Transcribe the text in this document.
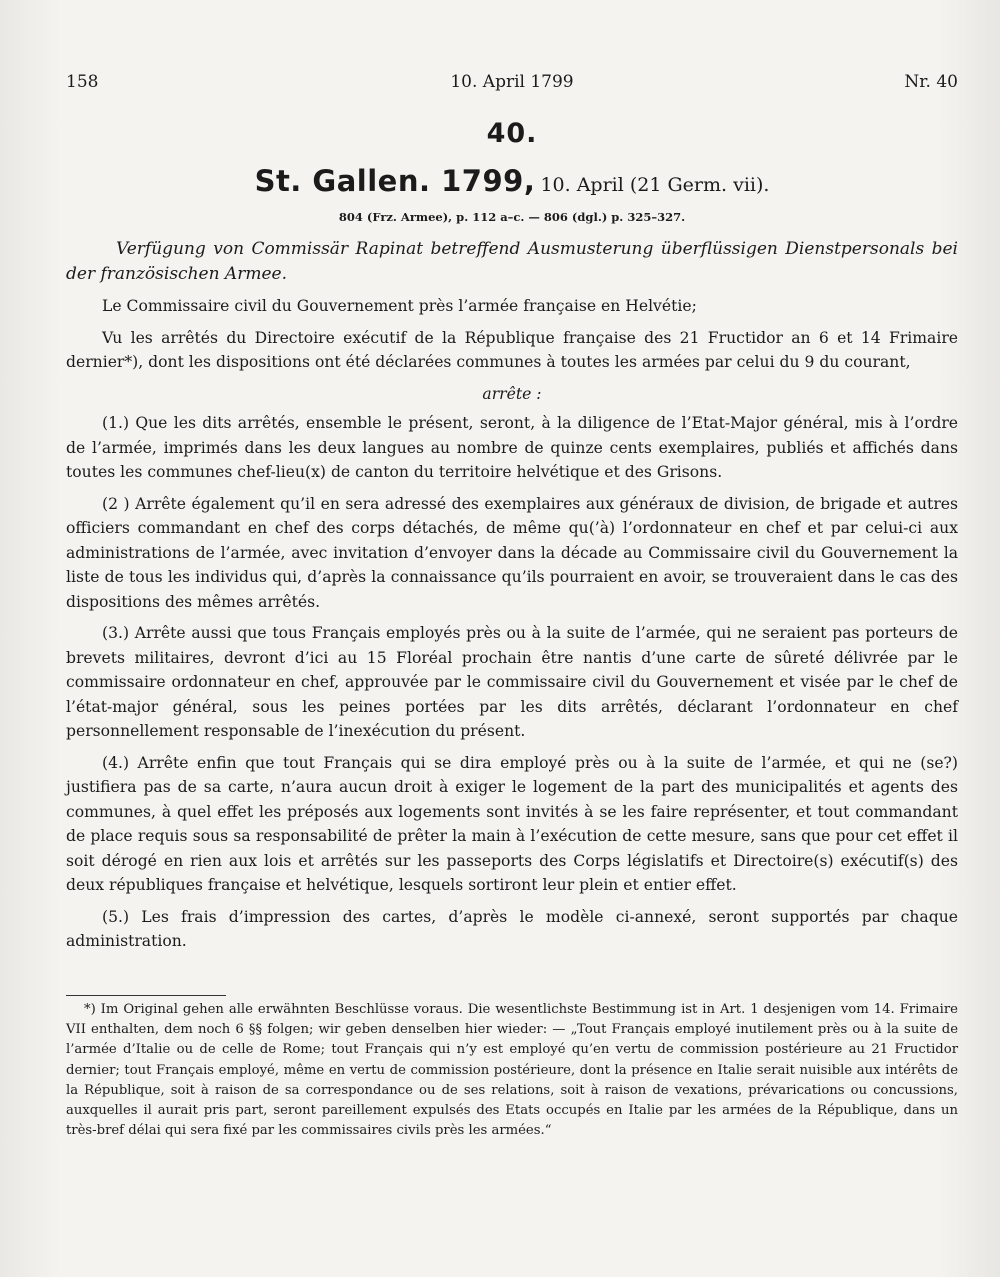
158	10. April 1799	Nr. 40
40.
St. Gallen. 1799, 10. April (21 Germ. vii).
804 (Frz. Armee), p. 112 a–c. — 806 (dgl.) p. 325–327.
Verfügung von Commissär Rapinat betreffend Ausmusterung überflüssigen Dienstpersonals bei der französischen Armee.

Le Commissaire civil du Gouvernement près l’armée française en Helvétie;

Vu les arrêtés du Directoire exécutif de la République française des 21 Fructidor an 6 et 14 Frimaire dernier*), dont les dispositions ont été déclarées communes à toutes les armées par celui du 9 du courant,

arrête :

(1.) Que les dits arrêtés, ensemble le présent, seront, à la diligence de l’Etat-Major général, mis à l’ordre de l’armée, imprimés dans les deux langues au nombre de quinze cents exemplaires, publiés et affichés dans toutes les communes chef-lieu(x) de canton du territoire helvétique et des Grisons.

(2 ) Arrête également qu’il en sera adressé des exemplaires aux généraux de division, de brigade et autres officiers commandant en chef des corps détachés, de même qu(’à) l’ordonnateur en chef et par celui-ci aux administrations de l’armée, avec invitation d’envoyer dans la décade au Commissaire civil du Gouvernement la liste de tous les individus qui, d’après la connaissance qu’ils pourraient en avoir, se trouveraient dans le cas des dispositions des mêmes arrêtés.

(3.) Arrête aussi que tous Français employés près ou à la suite de l’armée, qui ne seraient pas porteurs de brevets militaires, devront d’ici au 15 Floréal prochain être nantis d’une carte de sûreté délivrée par le commissaire ordonnateur en chef, approuvée par le commissaire civil du Gouvernement et visée par le chef de l’état-major général, sous les peines portées par les dits arrêtés, déclarant l’ordonnateur en chef personnellement responsable de l’inexécution du présent.

(4.) Arrête enfin que tout Français qui se dira employé près ou à la suite de l’armée, et qui ne (se?) justifiera pas de sa carte, n’aura aucun droit à exiger le logement de la part des municipalités et agents des communes, à quel effet les préposés aux logements sont invités à se les faire représenter, et tout commandant de place requis sous sa responsabilité de prêter la main à l’exécution de cette mesure, sans que pour cet effet il soit dérogé en rien aux lois et arrêtés sur les passeports des Corps législatifs et Directoire(s) exécutif(s) des deux républiques française et helvétique, lesquels sortiront leur plein et entier effet.

(5.) Les frais d’impression des cartes, d’après le modèle ci-annexé, seront supportés par chaque administration.

*) Im Original gehen alle erwähnten Beschlüsse voraus. Die wesentlichste Bestimmung ist in Art. 1 desjenigen vom 14. Frimaire VII enthalten, dem noch 6 §§ folgen; wir geben denselben hier wieder: — „Tout Français employé inutilement près ou à la suite de l’armée d’Italie ou de celle de Rome; tout Français qui n’y est employé qu’en vertu de commission postérieure au 21 Fructidor dernier; tout Français employé, même en vertu de commission postérieure, dont la présence en Italie serait nuisible aux intérêts de la République, soit à raison de sa correspondance ou de ses relations, soit à raison de vexations, prévarications ou concussions, auxquelles il aurait pris part, seront pareillement expulsés des Etats occupés en Italie par les armées de la République, dans un très-bref délai qui sera fixé par les commissaires civils près les armées.“
